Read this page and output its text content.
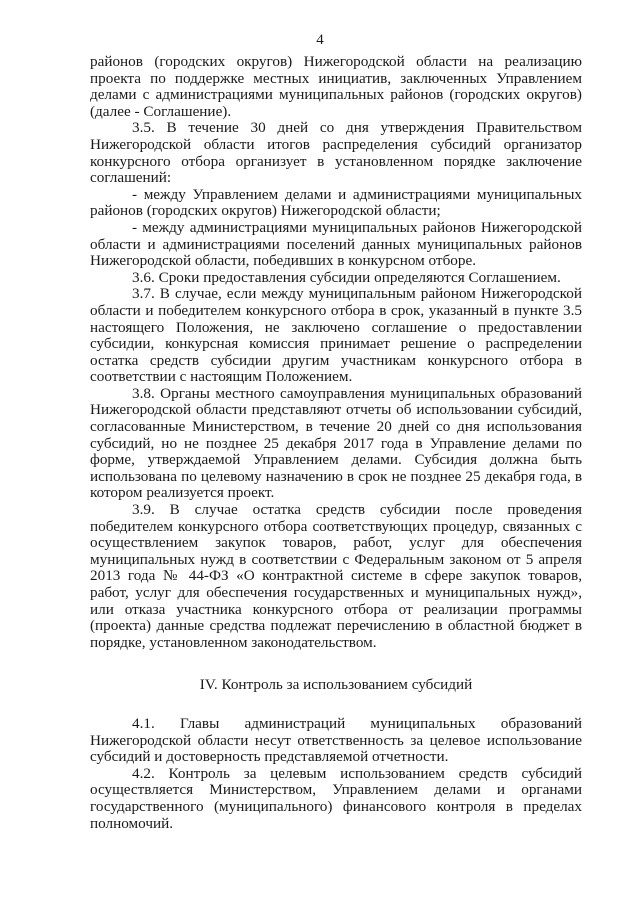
4

районов (городских округов) Нижегородской области на реализацию проекта по поддержке местных инициатив, заключенных Управлением делами с администрациями муниципальных районов (городских округов) (далее - Соглашение).

3.5. В течение 30 дней со дня утверждения Правительством Нижегородской области итогов распределения субсидий организатор конкурсного отбора организует в установленном порядке заключение соглашений:

- между Управлением делами и администрациями муниципальных районов (городских округов) Нижегородской области;

- между администрациями муниципальных районов Нижегородской области и администрациями поселений данных муниципальных районов Нижегородской области, победивших в конкурсном отборе.

3.6. Сроки предоставления субсидии определяются Соглашением.

3.7. В случае, если между муниципальным районом Нижегородской области и победителем конкурсного отбора в срок, указанный в пункте 3.5 настоящего Положения, не заключено соглашение о предоставлении субсидии, конкурсная комиссия принимает решение о распределении остатка средств субсидии другим участникам конкурсного отбора в соответствии с настоящим Положением.

3.8. Органы местного самоуправления муниципальных образований Нижегородской области представляют отчеты об использовании субсидий, согласованные Министерством, в течение 20 дней со дня использования субсидий, но не позднее 25 декабря 2017 года в Управление делами по форме, утверждаемой Управлением делами. Субсидия должна быть использована по целевому назначению в срок не позднее 25 декабря года, в котором реализуется проект.

3.9. В случае остатка средств субсидии после проведения победителем конкурсного отбора соответствующих процедур, связанных с осуществлением закупок товаров, работ, услуг для обеспечения муниципальных нужд в соответствии с Федеральным законом от 5 апреля 2013 года № 44-ФЗ «О контрактной системе в сфере закупок товаров, работ, услуг для обеспечения государственных и муниципальных нужд», или отказа участника конкурсного отбора от реализации программы (проекта) данные средства подлежат перечислению в областной бюджет в порядке, установленном законодательством.

IV. Контроль за использованием субсидий

4.1. Главы администраций муниципальных образований Нижегородской области несут ответственность за целевое использование субсидий и достоверность представляемой отчетности.

4.2. Контроль за целевым использованием средств субсидий осуществляется Министерством, Управлением делами и органами государственного (муниципального) финансового контроля в пределах полномочий.
